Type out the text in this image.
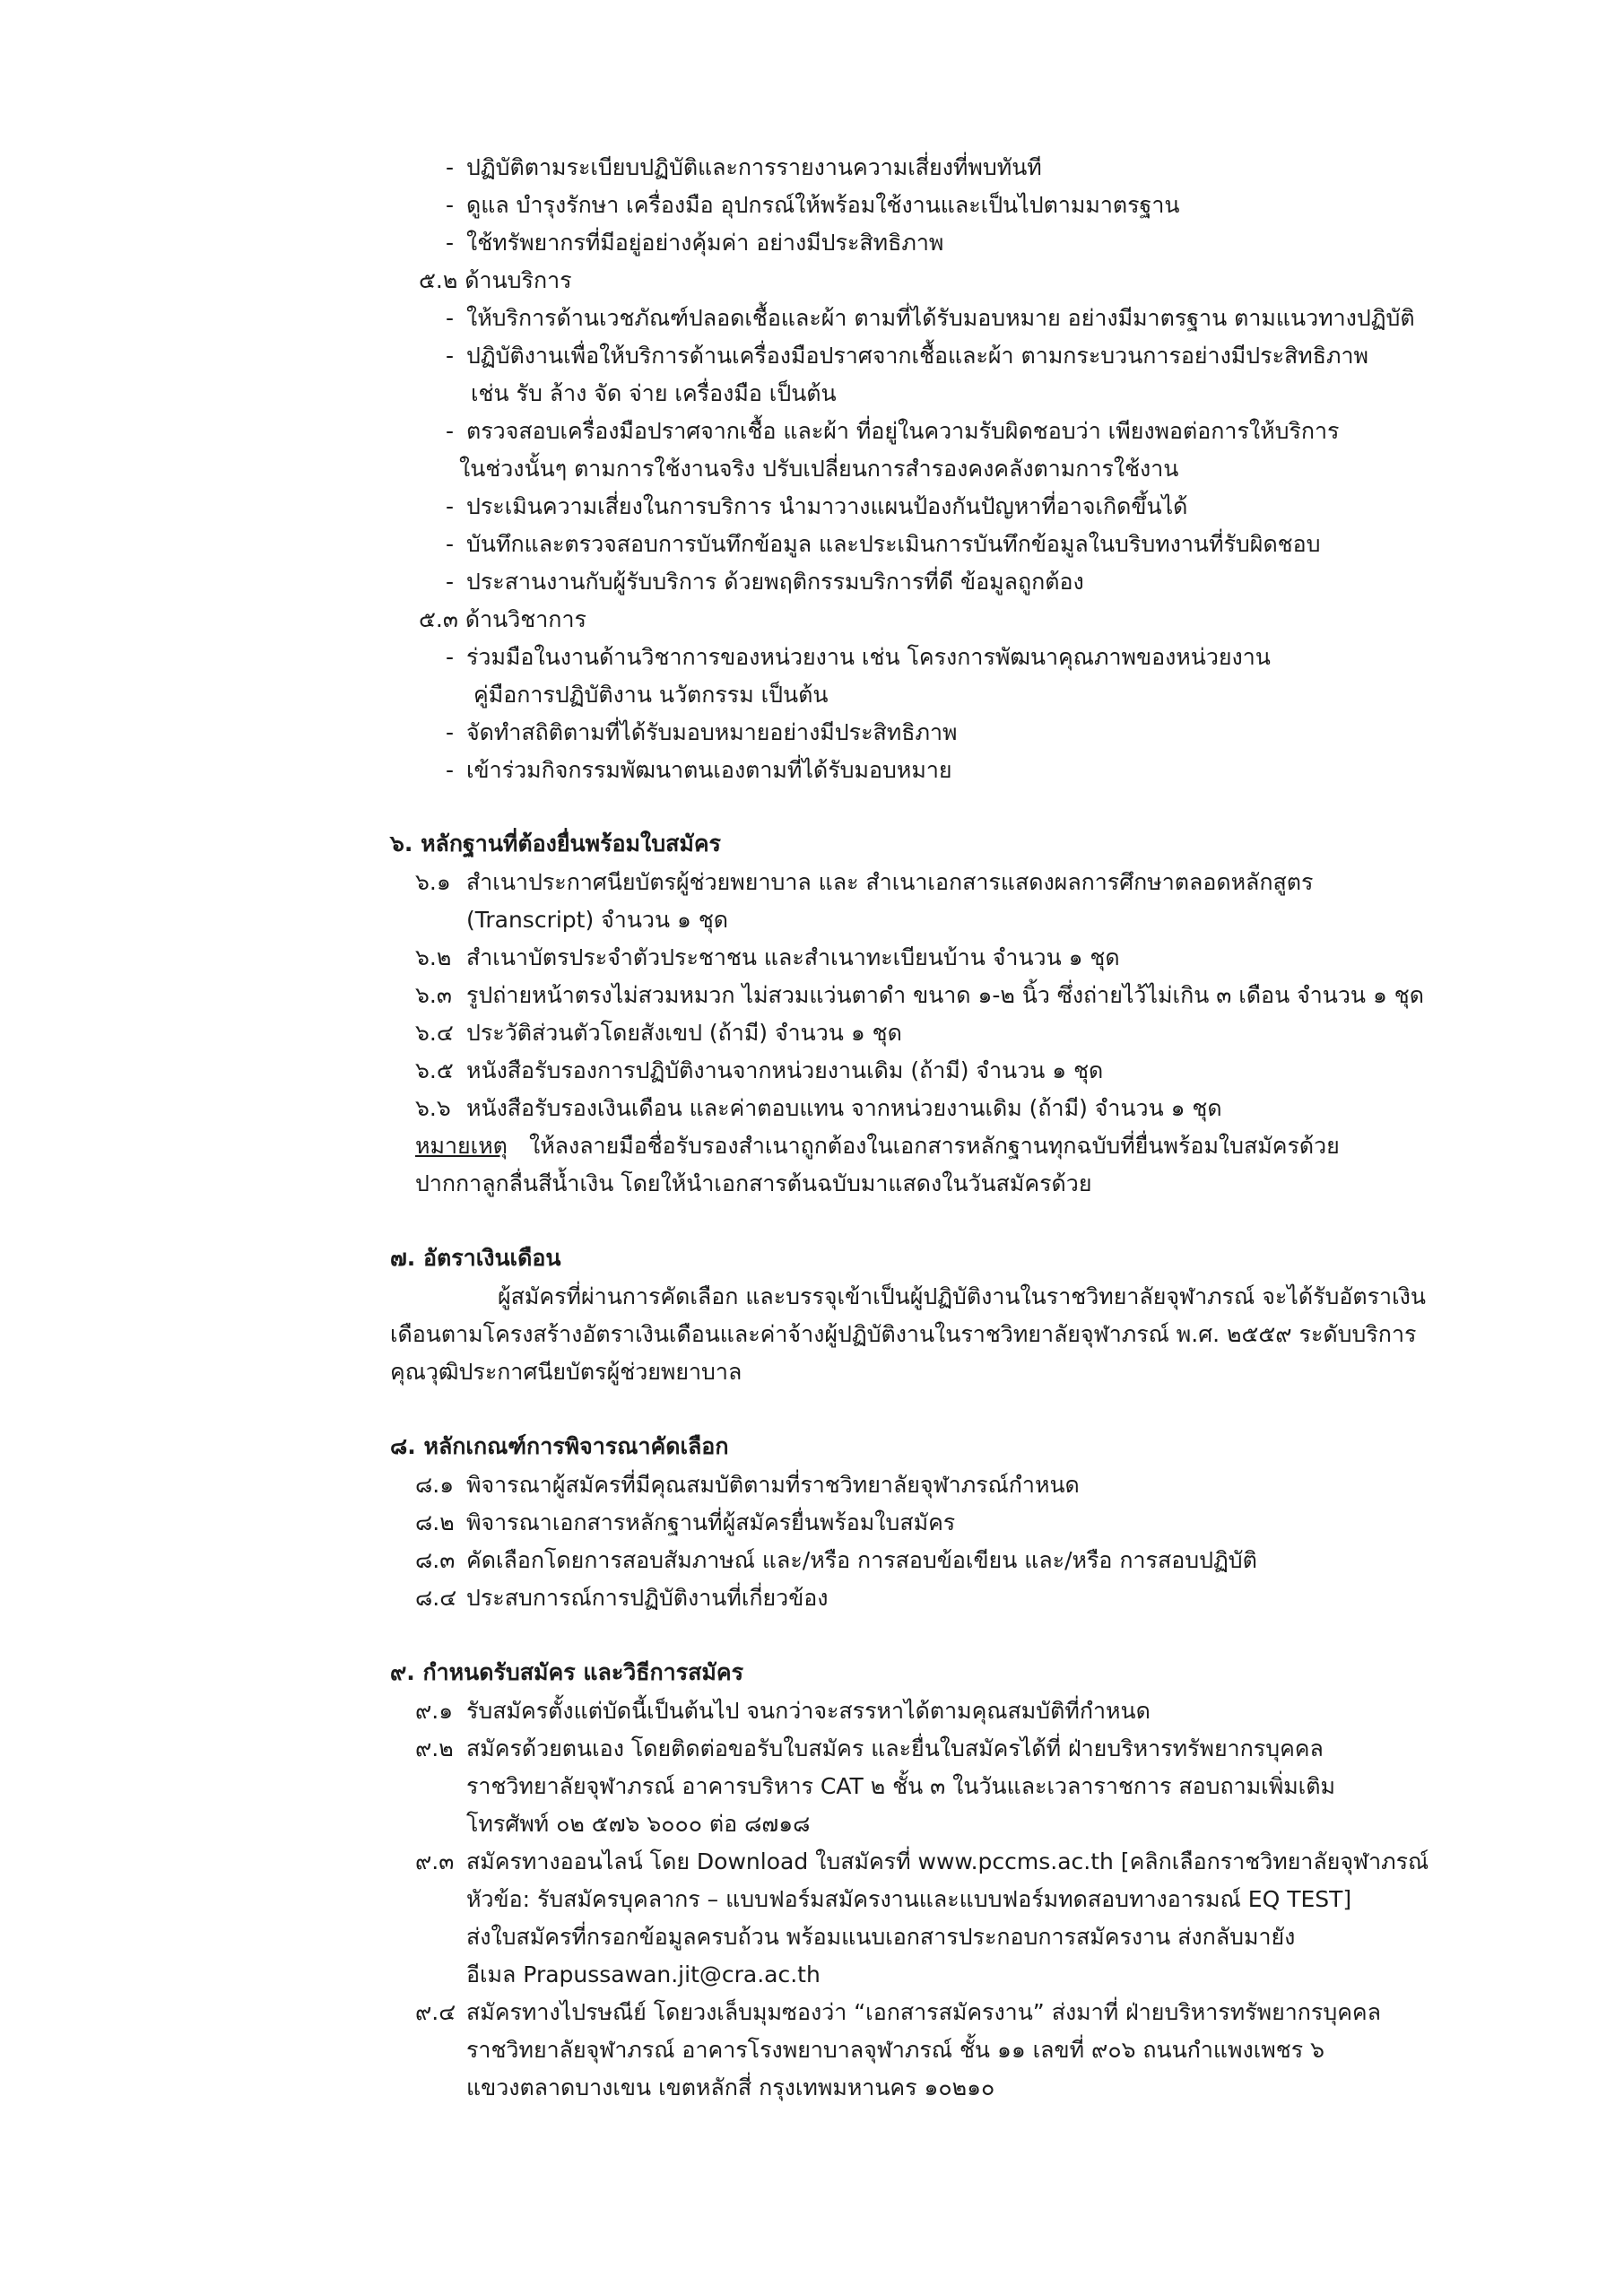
- ปฏิบัติตามระเบียบปฏิบัติและการรายงานความเสี่ยงที่พบทันที
- ดูแล บำรุงรักษา เครื่องมือ อุปกรณ์ให้พร้อมใช้งานและเป็นไปตามมาตรฐาน
- ใช้ทรัพยากรที่มีอยู่อย่างคุ้มค่า อย่างมีประสิทธิภาพ
๕.๒ ด้านบริการ
- ให้บริการด้านเวชภัณฑ์ปลอดเชื้อและผ้า ตามที่ได้รับมอบหมาย อย่างมีมาตรฐาน ตามแนวทางปฏิบัติ
- ปฏิบัติงานเพื่อให้บริการด้านเครื่องมือปราศจากเชื้อและผ้า ตามกระบวนการอย่างมีประสิทธิภาพ
เช่น รับ ล้าง จัด จ่าย เครื่องมือ เป็นต้น
- ตรวจสอบเครื่องมือปราศจากเชื้อ และผ้า ที่อยู่ในความรับผิดชอบว่า เพียงพอต่อการให้บริการ
ในช่วงนั้นๆ ตามการใช้งานจริง ปรับเปลี่ยนการสำรองคงคลังตามการใช้งาน
- ประเมินความเสี่ยงในการบริการ นำมาวางแผนป้องกันปัญหาที่อาจเกิดขึ้นได้
- บันทึกและตรวจสอบการบันทึกข้อมูล และประเมินการบันทึกข้อมูลในบริบทงานที่รับผิดชอบ
- ประสานงานกับผู้รับบริการ ด้วยพฤติกรรมบริการที่ดี ข้อมูลถูกต้อง
๕.๓ ด้านวิชาการ
- ร่วมมือในงานด้านวิชาการของหน่วยงาน เช่น โครงการพัฒนาคุณภาพของหน่วยงาน
คู่มือการปฏิบัติงาน นวัตกรรม เป็นต้น
- จัดทำสถิติตามที่ได้รับมอบหมายอย่างมีประสิทธิภาพ
- เข้าร่วมกิจกรรมพัฒนาตนเองตามที่ได้รับมอบหมาย
๖. หลักฐานที่ต้องยื่นพร้อมใบสมัคร
๖.๑ สำเนาประกาศนียบัตรผู้ช่วยพยาบาล และ สำเนาเอกสารแสดงผลการศึกษาตลอดหลักสูตร
(Transcript) จำนวน ๑ ชุด
๖.๒ สำเนาบัตรประจำตัวประชาชน และสำเนาทะเบียนบ้าน จำนวน ๑ ชุด
๖.๓ รูปถ่ายหน้าตรงไม่สวมหมวก ไม่สวมแว่นตาดำ ขนาด ๑-๒ นิ้ว ซึ่งถ่ายไว้ไม่เกิน ๓ เดือน จำนวน ๑ ชุด
๖.๔ ประวัติส่วนตัวโดยสังเขป (ถ้ามี) จำนวน ๑ ชุด
๖.๕ หนังสือรับรองการปฏิบัติงานจากหน่วยงานเดิม (ถ้ามี) จำนวน ๑ ชุด
๖.๖ หนังสือรับรองเงินเดือน และค่าตอบแทน จากหน่วยงานเดิม (ถ้ามี) จำนวน ๑ ชุด
หมายเหตุ ให้ลงลายมือชื่อรับรองสำเนาถูกต้องในเอกสารหลักฐานทุกฉบับที่ยื่นพร้อมใบสมัครด้วย
ปากกาลูกลื่นสีน้ำเงิน โดยให้นำเอกสารต้นฉบับมาแสดงในวันสมัครด้วย
๗. อัตราเงินเดือน
ผู้สมัครที่ผ่านการคัดเลือก และบรรจุเข้าเป็นผู้ปฏิบัติงานในราชวิทยาลัยจุฬาภรณ์ จะได้รับอัตราเงิน
เดือนตามโครงสร้างอัตราเงินเดือนและค่าจ้างผู้ปฏิบัติงานในราชวิทยาลัยจุฬาภรณ์ พ.ศ. ๒๕๕๙ ระดับบริการ
คุณวุฒิประกาศนียบัตรผู้ช่วยพยาบาล
๘. หลักเกณฑ์การพิจารณาคัดเลือก
๘.๑ พิจารณาผู้สมัครที่มีคุณสมบัติตามที่ราชวิทยาลัยจุฬาภรณ์กำหนด
๘.๒ พิจารณาเอกสารหลักฐานที่ผู้สมัครยื่นพร้อมใบสมัคร
๘.๓ คัดเลือกโดยการสอบสัมภาษณ์ และ/หรือ การสอบข้อเขียน และ/หรือ การสอบปฏิบัติ
๘.๔ ประสบการณ์การปฏิบัติงานที่เกี่ยวข้อง
๙. กำหนดรับสมัคร และวิธีการสมัคร
๙.๑ รับสมัครตั้งแต่บัดนี้เป็นต้นไป จนกว่าจะสรรหาได้ตามคุณสมบัติที่กำหนด
๙.๒ สมัครด้วยตนเอง โดยติดต่อขอรับใบสมัคร และยื่นใบสมัครได้ที่ ฝ่ายบริหารทรัพยากรบุคคล
ราชวิทยาลัยจุฬาภรณ์ อาคารบริหาร CAT ๒ ชั้น ๓ ในวันและเวลาราชการ สอบถามเพิ่มเติม
โทรศัพท์ ๐๒ ๕๗๖ ๖๐๐๐ ต่อ ๘๗๑๘
๙.๓ สมัครทางออนไลน์ โดย Download ใบสมัครที่ www.pccms.ac.th [คลิกเลือกราชวิทยาลัยจุฬาภรณ์
หัวข้อ: รับสมัครบุคลากร – แบบฟอร์มสมัครงานและแบบฟอร์มทดสอบทางอารมณ์ EQ TEST]
ส่งใบสมัครที่กรอกข้อมูลครบถ้วน พร้อมแนบเอกสารประกอบการสมัครงาน ส่งกลับมายัง
อีเมล Prapussawan.jit@cra.ac.th
๙.๔ สมัครทางไปรษณีย์ โดยวงเล็บมุมซองว่า “เอกสารสมัครงาน” ส่งมาที่ ฝ่ายบริหารทรัพยากรบุคคล
ราชวิทยาลัยจุฬาภรณ์ อาคารโรงพยาบาลจุฬาภรณ์ ชั้น ๑๑ เลขที่ ๙๐๖ ถนนกำแพงเพชร ๖
แขวงตลาดบางเขน เขตหลักสี่ กรุงเทพมหานคร ๑๐๒๑๐
